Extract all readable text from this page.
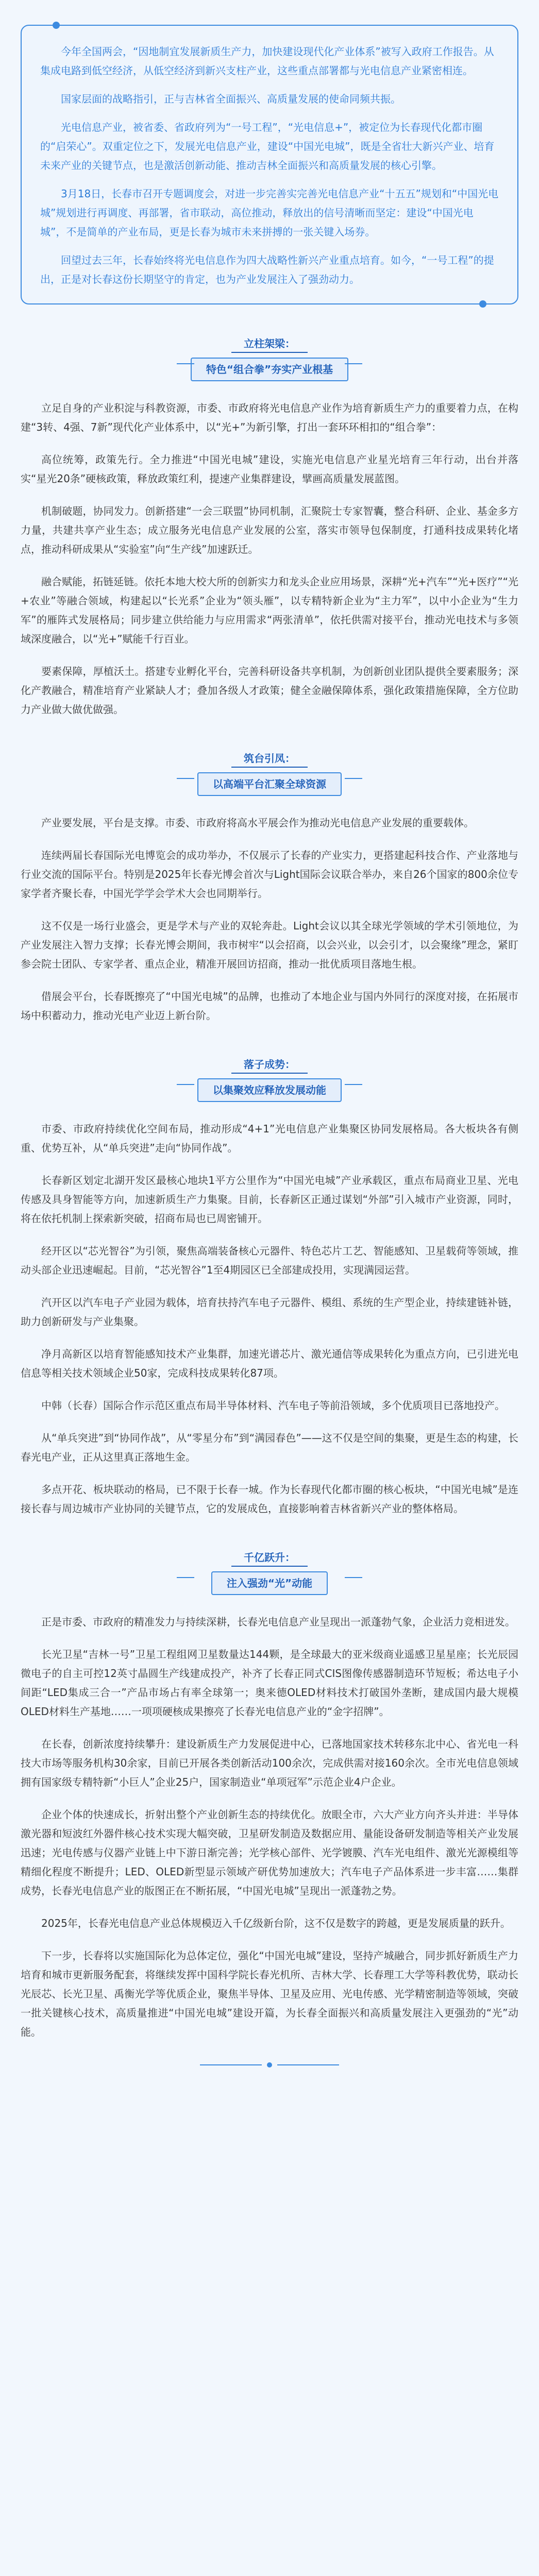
今年全国两会，“因地制宜发展新质生产力，加快建设现代化产业体系”被写入政府工作报告。从集成电路到低空经济，从低空经济到新兴支柱产业，这些重点部署都与光电信息产业紧密相连。

国家层面的战略指引，正与吉林省全面振兴、高质量发展的使命同频共振。

光电信息产业，被省委、省政府列为“一号工程”，“光电信息+”，被定位为长春现代化都市圈的“启荣心”。双重定位之下，发展光电信息产业，建设“中国光电城”，既是全省壮大新兴产业、培育未来产业的关键节点，也是激活创新动能、推动吉林全面振兴和高质量发展的核心引擎。

3月18日，长春市召开专题调度会，对进一步完善实完善光电信息产业“十五五”规划和“中国光电城”规划进行再调度、再部署，省市联动，高位推动，释放出的信号清晰而坚定：建设“中国光电城”，不是简单的产业布局，更是长春为城市未来拼搏的一张关键入场券。

回望过去三年，长春始终将光电信息作为四大战略性新兴产业重点培育。如今，“一号工程”的提出，正是对长春这份长期坚守的肯定，也为产业发展注入了强劲动力。

立柱架梁：
特色“组合拳”夯实产业根基

立足自身的产业积淀与科教资源，市委、市政府将光电信息产业作为培育新质生产力的重要着力点，在构建“3转、4强、7新”现代化产业体系中，以“光+”为新引擎，打出一套环环相扣的“组合拳”：

高位统筹，政策先行。全力推进“中国光电城”建设，实施光电信息产业星光培育三年行动，出台并落实“星光20条”硬核政策，释放政策红利，提速产业集群建设，擘画高质量发展蓝图。

机制破题，协同发力。创新搭建“一会三联盟”协同机制，汇聚院士专家智囊，整合科研、企业、基金多方力量，共建共享产业生态；成立服务光电信息产业发展的公室，落实市领导包保制度，打通科技成果转化堵点，推动科研成果从“实验室”向“生产线”加速跃迁。

融合赋能，拓链延链。依托本地大校大所的创新实力和龙头企业应用场景，深耕“光+汽车”“光+医疗”“光+农业”等融合领域，构建起以“长光系”企业为“领头雁”，以专精特新企业为“主力军”，以中小企业为“生力军”的雁阵式发展格局；同步建立供给能力与应用需求“两张清单”，依托供需对接平台，推动光电技术与多领域深度融合，以“光+”赋能千行百业。

要素保障，厚植沃土。搭建专业孵化平台，完善科研设备共享机制，为创新创业团队提供全要素服务；深化产教融合，精准培育产业紧缺人才；叠加各级人才政策；健全金融保障体系，强化政策措施保障，全方位助力产业做大做优做强。

筑台引凤：
以高端平台汇聚全球资源

产业要发展，平台是支撑。市委、市政府将高水平展会作为推动光电信息产业发展的重要载体。

连续两届长春国际光电博览会的成功举办，不仅展示了长春的产业实力，更搭建起科技合作、产业落地与行业交流的国际平台。特别是2025年长春光博会首次与Light国际会议联合举办，来自26个国家的800余位专家学者齐聚长春，中国光学学会学术大会也同期举行。

这不仅是一场行业盛会，更是学术与产业的双轮奔赴。Light会议以其全球光学领域的学术引领地位，为产业发展注入智力支撑；长春光博会期间，我市树牢“以会招商，以会兴业，以会引才，以会聚缘”理念，紧盯参会院士团队、专家学者、重点企业，精准开展回访招商，推动一批优质项目落地生根。

借展会平台，长春既擦亮了“中国光电城”的品牌，也推动了本地企业与国内外同行的深度对接，在拓展市场中积蓄动力，推动光电产业迈上新台阶。

落子成势：
以集聚效应释放发展动能

市委、市政府持续优化空间布局，推动形成“4+1”光电信息产业集聚区协同发展格局。各大板块各有侧重、优势互补，从“单兵突进”走向“协同作战”。

长春新区划定北湖开发区最核心地块1平方公里作为“中国光电城”产业承载区，重点布局商业卫星、光电传感及具身智能等方向，加速新质生产力集聚。目前，长春新区正通过谋划“外部”引入城市产业资源，同时，将在依托机制上探索新突破，招商布局也已周密铺开。

经开区以“芯光智谷”为引领，聚焦高端装备核心元器件、特色芯片工艺、智能感知、卫星载荷等领域，推动头部企业迅速崛起。目前，“芯光智谷”1至4期园区已全部建成投用，实现满园运营。

汽开区以汽车电子产业园为载体，培育扶持汽车电子元器件、模组、系统的生产型企业，持续建链补链，助力创新研发与产业集聚。

净月高新区以培育智能感知技术产业集群，加速光谱芯片、激光通信等成果转化为重点方向，已引进光电信息等相关技术领域企业50家，完成科技成果转化87项。

中韩（长春）国际合作示范区重点布局半导体材料、汽车电子等前沿领域，多个优质项目已落地投产。

从“单兵突进”到“协同作战”，从“零星分布”到“满园春色”——这不仅是空间的集聚，更是生态的构建，长春光电产业，正从这里真正落地生金。

多点开花、板块联动的格局，已不限于长春一城。作为长春现代化都市圈的核心板块，“中国光电城”是连接长春与周边城市产业协同的关键节点，它的发展成色，直接影响着吉林省新兴产业的整体格局。

千亿跃升：
注入强劲“光”动能

正是市委、市政府的精准发力与持续深耕，长春光电信息产业呈现出一派蓬勃气象，企业活力竞相迸发。

长光卫星“吉林一号”卫星工程组网卫星数量达144颗，是全球最大的亚米级商业遥感卫星星座；长光辰园微电子的自主可控12英寸晶圆生产线建成投产，补齐了长春正同式CIS图像传感器制造环节短板；希达电子小间距“LED集成三合一”产品市场占有率全球第一；奥来德OLED材料技术打破国外垄断，建成国内最大规模OLED材料生产基地……一项项硬核成果擦亮了长春光电信息产业的“金字招牌”。

在长春，创新浓度持续攀升：建设新质生产力发展促进中心，已落地国家技术转移东北中心、省光电一科技大市场等服务机构30余家，目前已开展各类创新活动100余次，完成供需对接160余次。全市光电信息领域拥有国家级专精特新“小巨人”企业25户，国家制造业“单项冠军”示范企业4户企业。

企业个体的快速成长，折射出整个产业创新生态的持续优化。放眼全市，六大产业方向齐头并进：半导体激光器和短波红外器件核心技术实现大幅突破，卫星研发制造及数据应用、量能设备研发制造等相关产业发展迅速；光电传感与仪器产业链上中下游日渐完善；光学核心部件、光学镀膜、汽车光电组件、激光光源模组等精细化程度不断提升；LED、OLED新型显示领域产研优势加速放大；汽车电子产品体系进一步丰富……集群成势，长春光电信息产业的版图正在不断拓展，“中国光电城”呈现出一派蓬勃之势。

2025年，长春光电信息产业总体规模迈入千亿级新台阶，这不仅是数字的跨越，更是发展质量的跃升。

下一步，长春将以实施国际化为总体定位，强化“中国光电城”建设，坚持产城融合，同步抓好新质生产力培育和城市更新服务配套，将继续发挥中国科学院长春光机所、吉林大学、长春理工大学等科教优势，联动长光辰芯、长光卫星、禹衡光学等优质企业，聚焦半导体、卫星及应用、光电传感、光学精密制造等领域，突破一批关键核心技术，高质量推进“中国光电城”建设开篇，为长春全面振兴和高质量发展注入更强劲的“光”动能。
